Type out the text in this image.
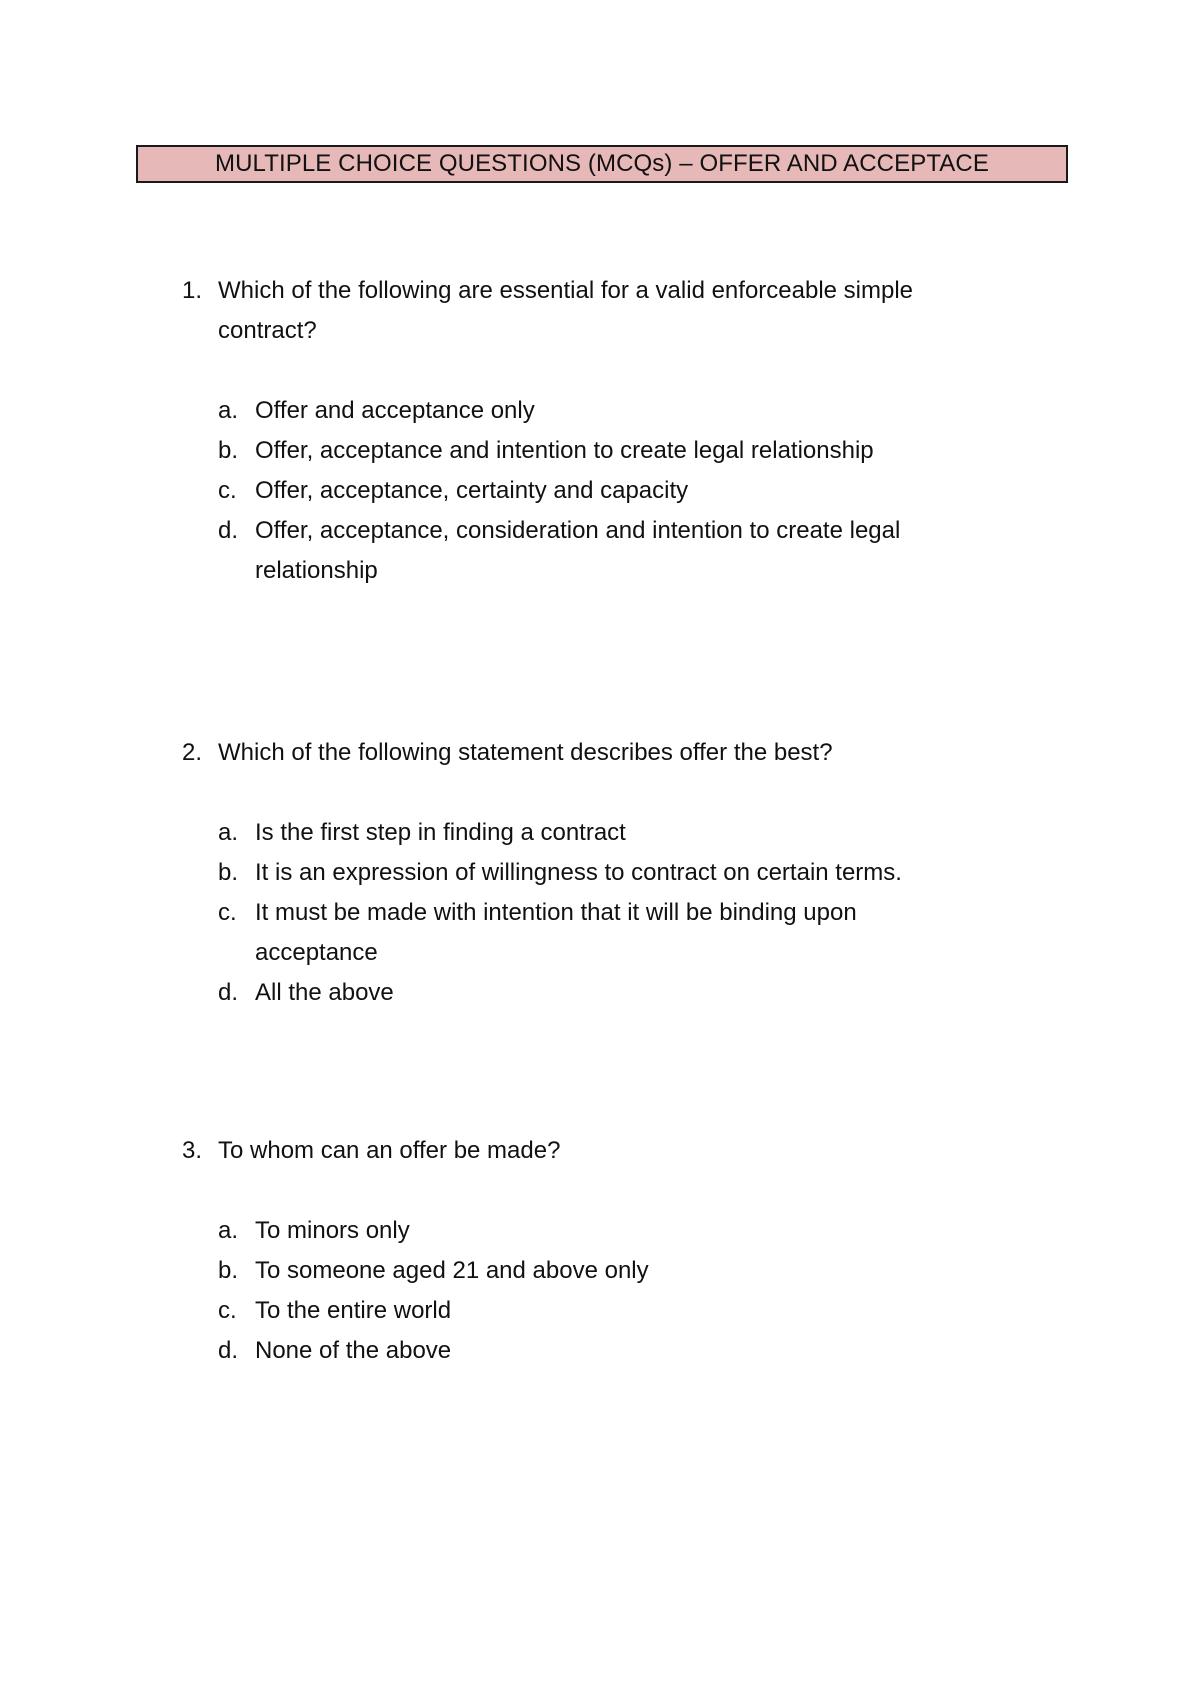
MULTIPLE CHOICE QUESTIONS (MCQs) – OFFER AND ACCEPTACE
1. Which of the following are essential for a valid enforceable simple contract?
a. Offer and acceptance only
b. Offer, acceptance and intention to create legal relationship
c. Offer, acceptance, certainty and capacity
d. Offer, acceptance, consideration and intention to create legal relationship
2. Which of the following statement describes offer the best?
a. Is the first step in finding a contract
b. It is an expression of willingness to contract on certain terms.
c. It must be made with intention that it will be binding upon acceptance
d. All the above
3. To whom can an offer be made?
a. To minors only
b. To someone aged 21 and above only
c. To the entire world
d. None of the above
